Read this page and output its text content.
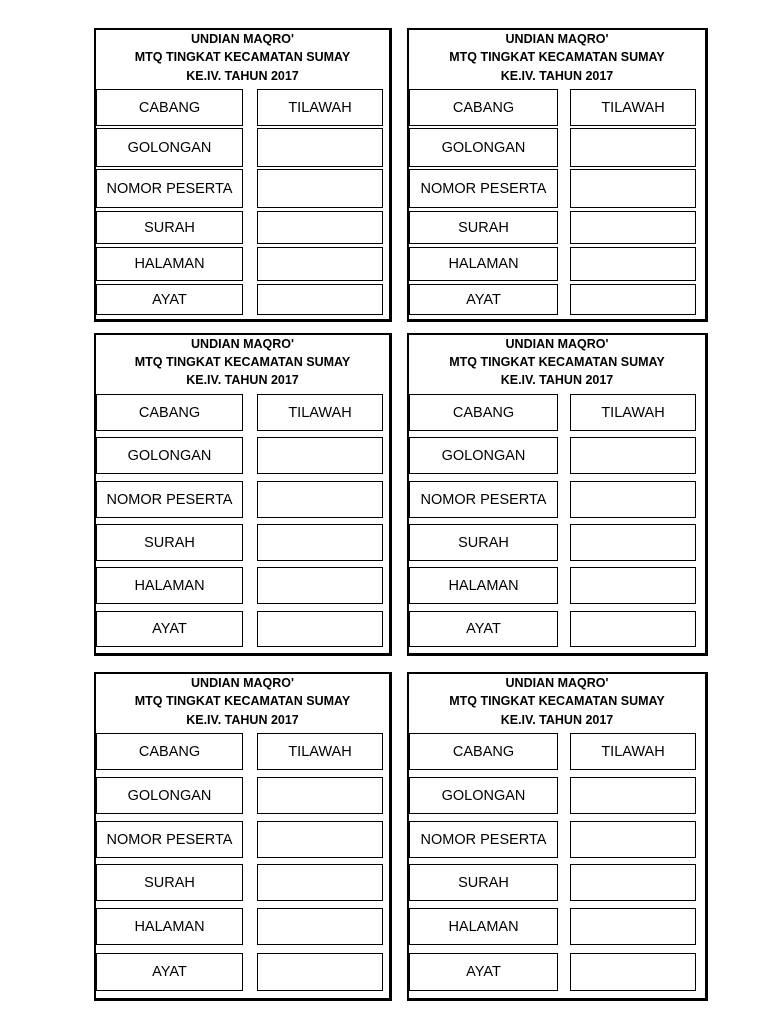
UNDIAN MAQRO'
MTQ TINGKAT KECAMATAN SUMAY
KE.IV. TAHUN 2017
CABANG	TILAWAH
GOLONGAN
NOMOR PESERTA
SURAH
HALAMAN
AYAT
UNDIAN MAQRO'
MTQ TINGKAT KECAMATAN SUMAY
KE.IV. TAHUN 2017
CABANG	TILAWAH
GOLONGAN
NOMOR PESERTA
SURAH
HALAMAN
AYAT
UNDIAN MAQRO'
MTQ TINGKAT KECAMATAN SUMAY
KE.IV. TAHUN 2017
CABANG	TILAWAH
GOLONGAN
NOMOR PESERTA
SURAH
HALAMAN
AYAT
UNDIAN MAQRO'
MTQ TINGKAT KECAMATAN SUMAY
KE.IV. TAHUN 2017
CABANG	TILAWAH
GOLONGAN
NOMOR PESERTA
SURAH
HALAMAN
AYAT
UNDIAN MAQRO'
MTQ TINGKAT KECAMATAN SUMAY
KE.IV. TAHUN 2017
CABANG	TILAWAH
GOLONGAN
NOMOR PESERTA
SURAH
HALAMAN
AYAT
UNDIAN MAQRO'
MTQ TINGKAT KECAMATAN SUMAY
KE.IV. TAHUN 2017
CABANG	TILAWAH
GOLONGAN
NOMOR PESERTA
SURAH
HALAMAN
AYAT
